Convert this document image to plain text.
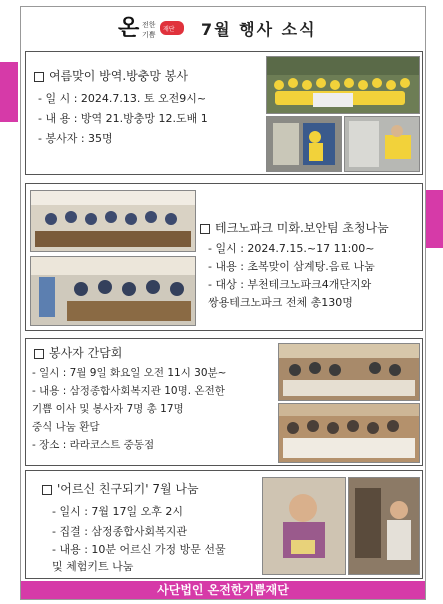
온 전한
기쁨
재단 7월 행사 소식
여름맞이 방역.방충망 봉사
- 일 시 : 2024.7.13. 토 오전9시~
- 내 용 : 방역 21.방충망 12.도배 1
- 봉사자 : 35명
테크노파크 미화.보안팀 초청나눔
- 일시 : 2024.7.15.~17 11:00~
- 내용 : 초복맞이 삼계탕.음료 나눔
- 대상 : 부천테크노파크4개단지와
쌍용테크노파크 전체 총130명
봉사자 간담회
- 일시 : 7월 9일 화요일 오전 11시 30분~
- 내용 : 삼정종합사회복지관 10명. 온전한
기쁨 이사 및 봉사자 7명 총 17명
중식 나눔 환담
- 장소 : 라라코스트 중동점
'어르신 친구되기' 7월 나눔
- 일시 : 7월 17일 오후 2시
- 집결 : 삼정종합사회복지관
- 내용 : 10분 어르신 가정 방문 선물
및 체험키트 나눔
사단법인 온전한기쁨재단
